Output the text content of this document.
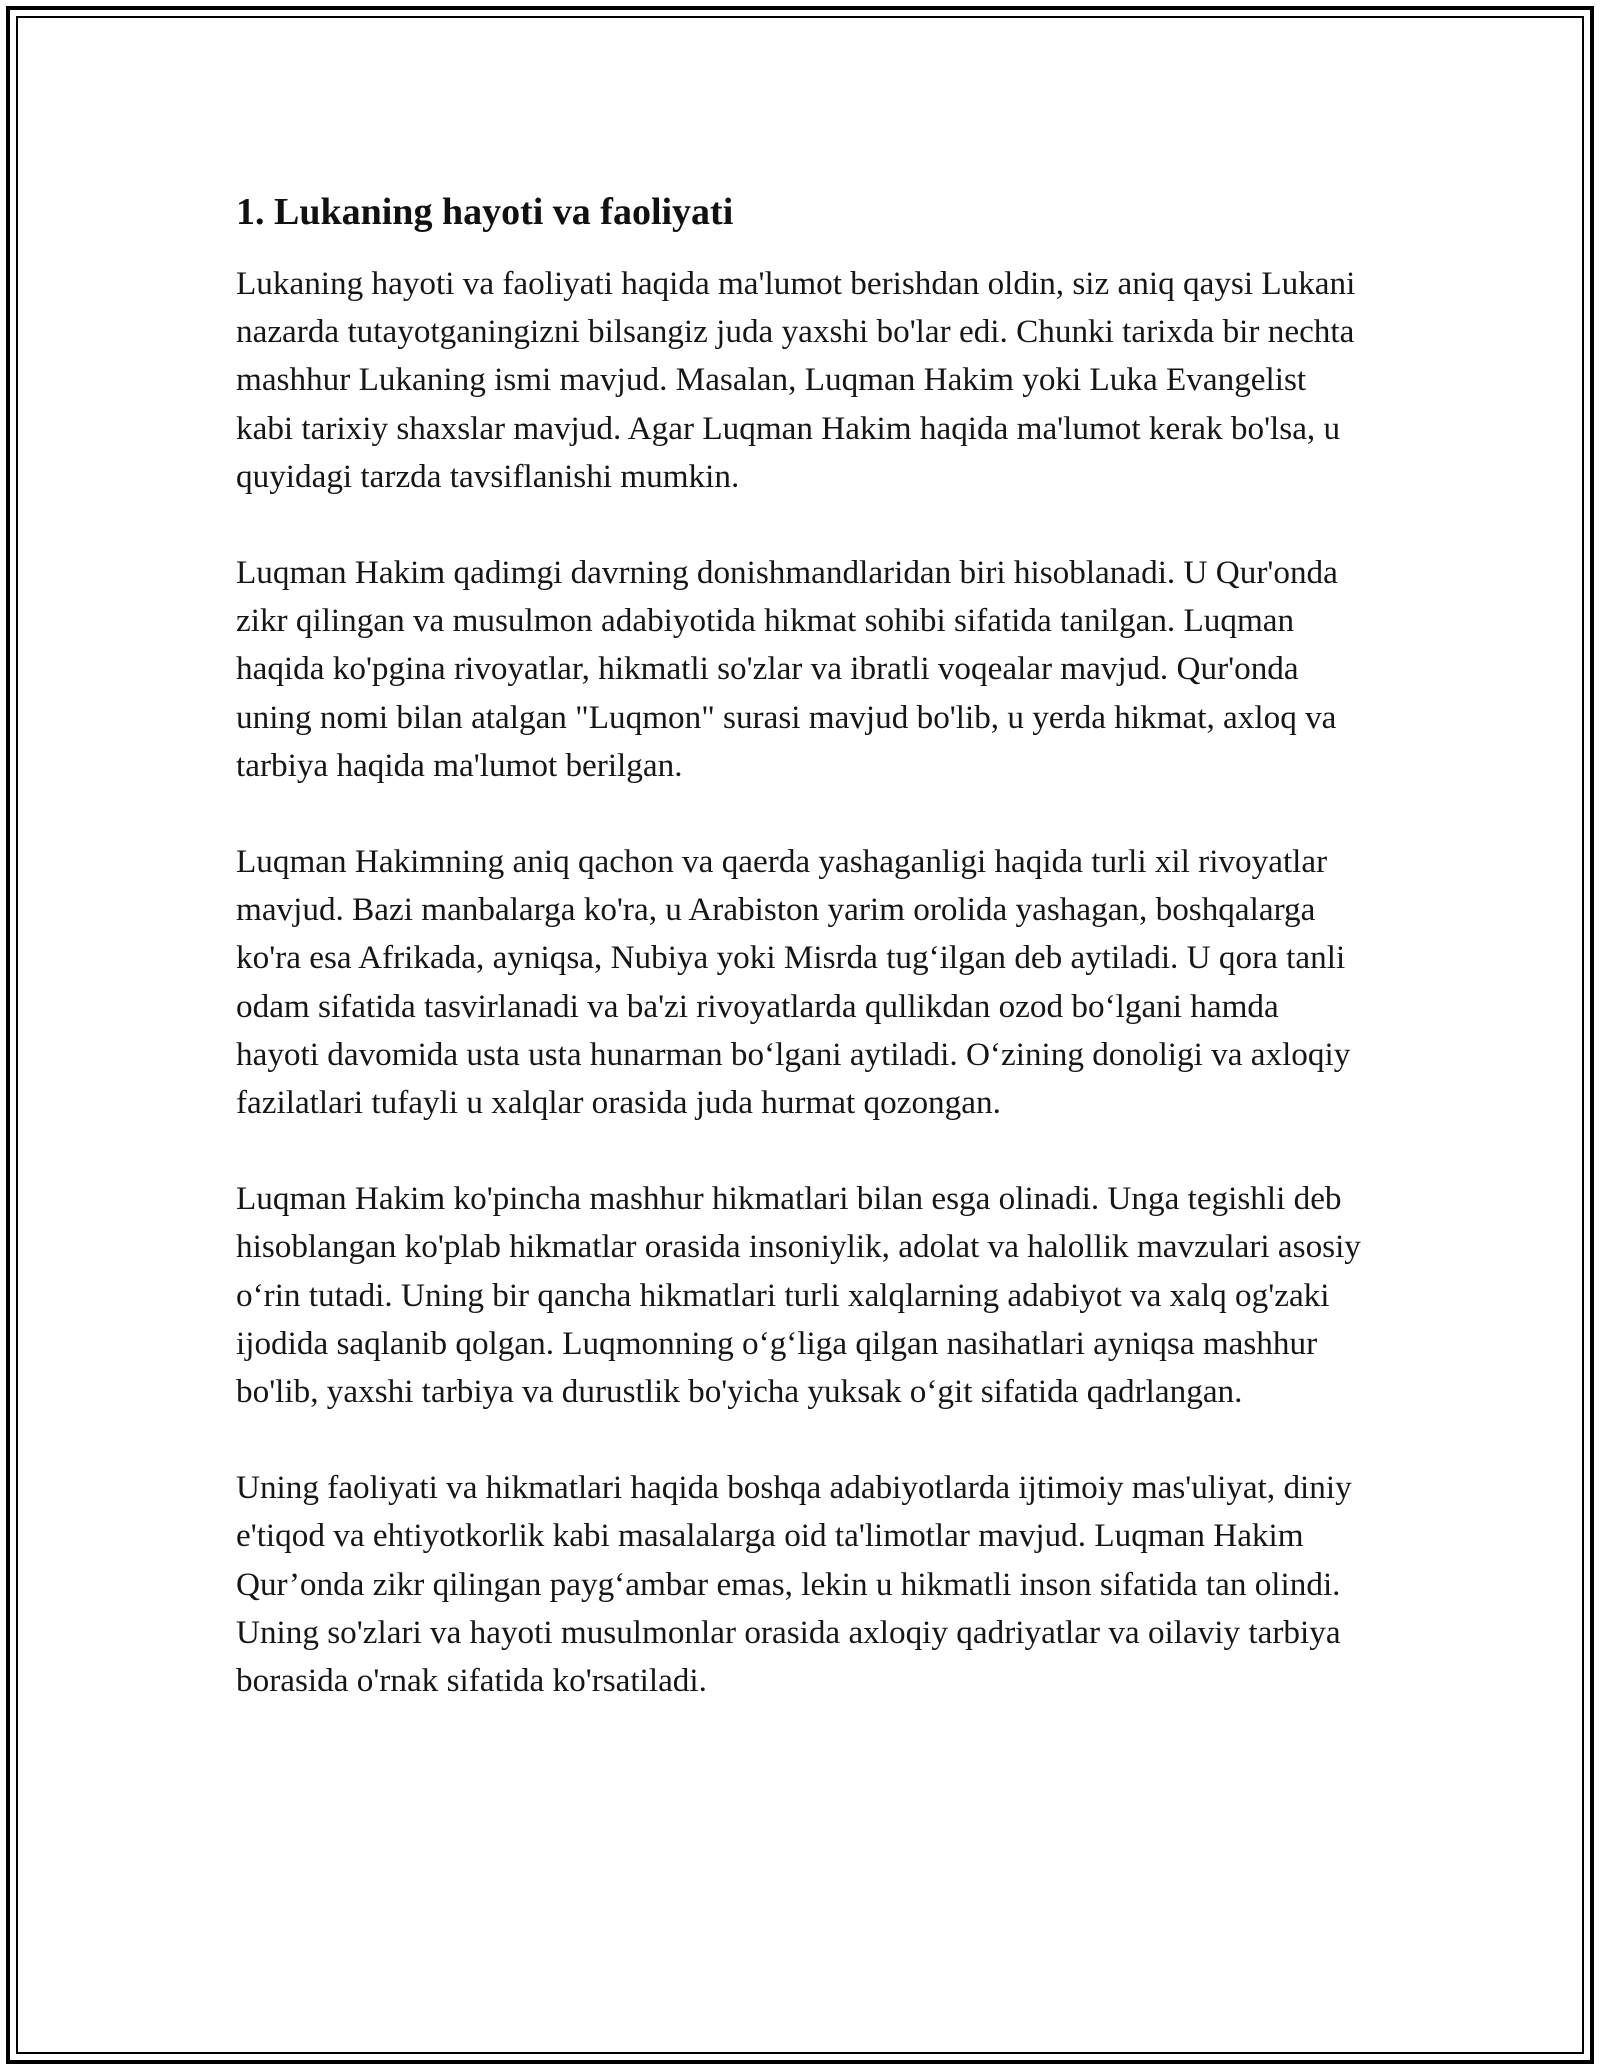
1. Lukaning hayoti va faoliyati

Lukaning hayoti va faoliyati haqida ma'lumot berishdan oldin, siz aniq qaysi Lukani nazarda tutayotganingizni bilsangiz juda yaxshi bo'lar edi. Chunki tarixda bir nechta mashhur Lukaning ismi mavjud. Masalan, Luqman Hakim yoki Luka Evangelist kabi tarixiy shaxslar mavjud. Agar Luqman Hakim haqida ma'lumot kerak bo'lsa, u quyidagi tarzda tavsiflanishi mumkin.

Luqman Hakim qadimgi davrning donishmandlaridan biri hisoblanadi. U Qur'onda zikr qilingan va musulmon adabiyotida hikmat sohibi sifatida tanilgan. Luqman haqida ko'pgina rivoyatlar, hikmatli so'zlar va ibratli voqealar mavjud. Qur'onda uning nomi bilan atalgan "Luqmon" surasi mavjud bo'lib, u yerda hikmat, axloq va tarbiya haqida ma'lumot berilgan.

Luqman Hakimning aniq qachon va qaerda yashaganligi haqida turli xil rivoyatlar mavjud. Bazi manbalarga ko'ra, u Arabiston yarim orolida yashagan, boshqalarga ko'ra esa Afrikada, ayniqsa, Nubiya yoki Misrda tug‘ilgan deb aytiladi. U qora tanli odam sifatida tasvirlanadi va ba'zi rivoyatlarda qullikdan ozod bo‘lgani hamda hayoti davomida usta usta hunarman bo‘lgani aytiladi. O‘zining donoligi va axloqiy fazilatlari tufayli u xalqlar orasida juda hurmat qozongan.

Luqman Hakim ko'pincha mashhur hikmatlari bilan esga olinadi. Unga tegishli deb hisoblangan ko'plab hikmatlar orasida insoniylik, adolat va halollik mavzulari asosiy o‘rin tutadi. Uning bir qancha hikmatlari turli xalqlarning adabiyot va xalq og'zaki ijodida saqlanib qolgan. Luqmonning o‘g‘liga qilgan nasihatlari ayniqsa mashhur bo'lib, yaxshi tarbiya va durustlik bo'yicha yuksak o‘git sifatida qadrlangan.

Uning faoliyati va hikmatlari haqida boshqa adabiyotlarda ijtimoiy mas'uliyat, diniy e'tiqod va ehtiyotkorlik kabi masalalarga oid ta'limotlar mavjud. Luqman Hakim Qur’onda zikr qilingan payg‘ambar emas, lekin u hikmatli inson sifatida tan olindi. Uning so'zlari va hayoti musulmonlar orasida axloqiy qadriyatlar va oilaviy tarbiya borasida o'rnak sifatida ko'rsatiladi.
